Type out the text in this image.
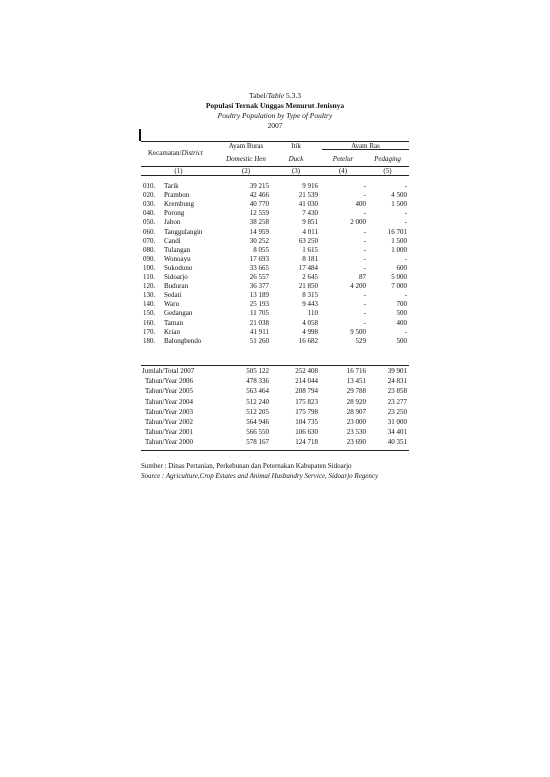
Tabel/Table 5.3.3
Populasi Ternak Unggas Menurut Jenisnya
Poultry Population by Type of Poultry
2007
Kecamatan/District
Ayam Buras
Domestic Hen
Itik
Duck
Ayam Ras
Petelur	Pedaging
(1)	(2)	(3)	(4)	(5)
010. Tarik	39 215	9 916	-	-
020. Prambon	42 466	21 539	-	4 500
030. Krembung	40 770	41 030	400	1 500
040. Porong	12 559	7 430	-	-
050. Jabon	38 258	9 851	2 000	-
060. Tanggulangin	14 959	4 011	-	16 701
070. Candi	30 252	63 250	-	1 500
080. Tulangan	8 055	1 615	-	1 000
090. Wonoayu	17 693	8 181	-	-
100. Sukodono	33 665	17 484	-	600
110. Sidoarjo	26 557	2 645	87	5 000
120. Buduran	36 377	21 850	4 200	7 000
130. Sedati	13 189	8 315	-	-
140. Waru	25 193	9 443	-	700
150. Gedangan	11 705	110	-	500
160. Taman	21 038	4 058	-	400
170. Krian	41 911	4 998	9 500	-
180. Balongbendo	51 260	16 682	529	500
Jumlah/Total 2007	505 122	252 408	16 716	39 901
Tahun/Year 2006	478 336	214 044	13 451	24 831
Tahun/Year 2005	563 464	208 794	29 788	23 858
Tahun/Year 2004	512 240	175 823	28 920	23 277
Tahun/Year 2003	512 205	175 798	28 907	23 250
Tahun/Year 2002	564 946	104 735	23 000	31 000
Tahun/Year 2001	566 550	106 630	23 530	34 401
Tahun/Year 2000	578 167	124 718	23 690	40 351
Sumber : Dinas Pertanian, Perkebunan dan Peternakan Kabupaten Sidoarjo
Source : Agriculture,Crop Estates and Animal Husbandry Service, Sidoarjo Regency
